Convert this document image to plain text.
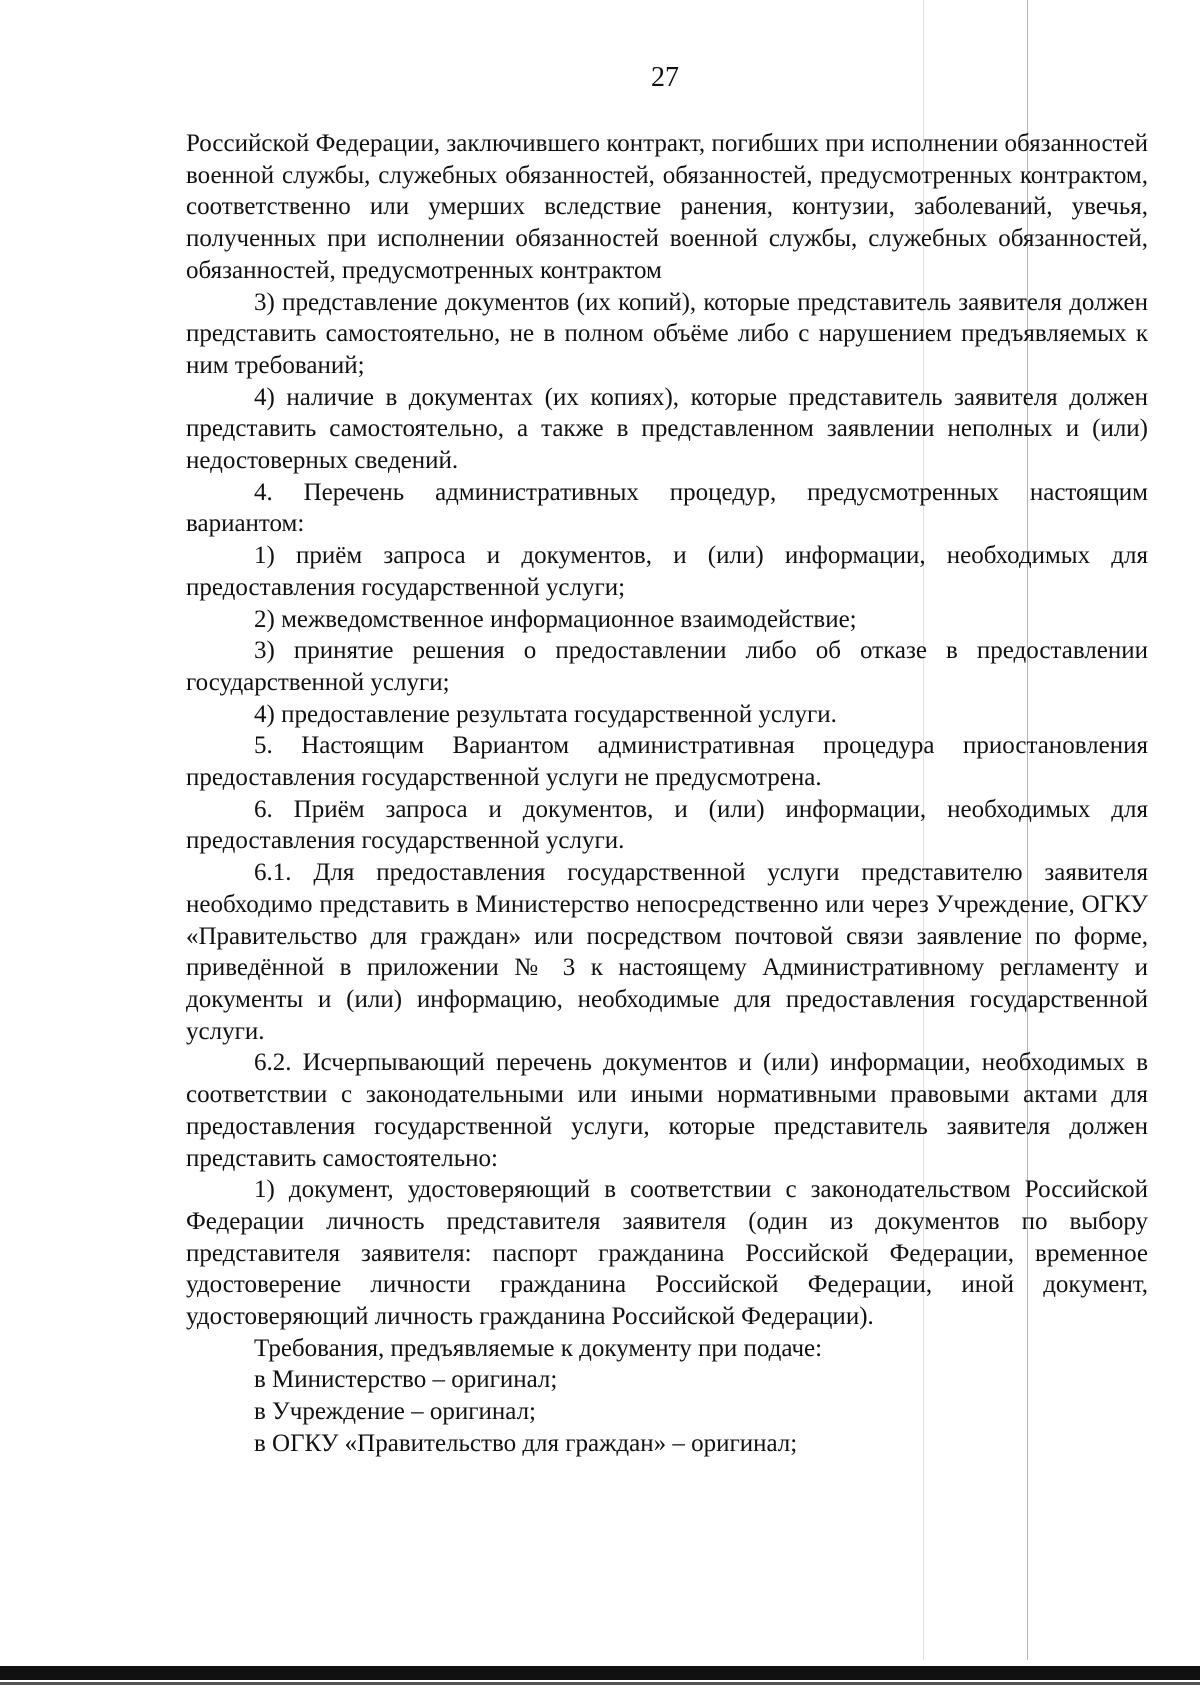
27

Российской Федерации, заключившего контракт, погибших при исполнении обязанностей военной службы, служебных обязанностей, обязанностей, предусмотренных контрактом, соответственно или умерших вследствие ранения, контузии, заболеваний, увечья, полученных при исполнении обязанностей военной службы, служебных обязанностей, обязанностей, предусмотренных контрактом

3) представление документов (их копий), которые представитель заявителя должен представить самостоятельно, не в полном объёме либо с нарушением предъявляемых к ним требований;

4) наличие в документах (их копиях), которые представитель заявителя должен представить самостоятельно, а также в представленном заявлении неполных и (или) недостоверных сведений.

4. Перечень административных процедур, предусмотренных настоящим вариантом:

1) приём запроса и документов, и (или) информации, необходимых для предоставления государственной услуги;

2) межведомственное информационное взаимодействие;

3) принятие решения о предоставлении либо об отказе в предоставлении государственной услуги;

4) предоставление результата государственной услуги.

5. Настоящим Вариантом административная процедура приостановления предоставления государственной услуги не предусмотрена.

6. Приём запроса и документов, и (или) информации, необходимых для предоставления государственной услуги.

6.1. Для предоставления государственной услуги представителю заявителя необходимо представить в Министерство непосредственно или через Учреждение, ОГКУ «Правительство для граждан» или посредством почтовой связи заявление по форме, приведённой в приложении № 3 к настоящему Административному регламенту и документы и (или) информацию, необходимые для предоставления государственной услуги.

6.2. Исчерпывающий перечень документов и (или) информации, необходимых в соответствии с законодательными или иными нормативными правовыми актами для предоставления государственной услуги, которые представитель заявителя должен представить самостоятельно:

1) документ, удостоверяющий в соответствии с законодательством Российской Федерации личность представителя заявителя (один из документов по выбору представителя заявителя: паспорт гражданина Российской Федерации, временное удостоверение личности гражданина Российской Федерации, иной документ, удостоверяющий личность гражданина Российской Федерации).

Требования, предъявляемые к документу при подаче:

в Министерство – оригинал;

в Учреждение – оригинал;

в ОГКУ «Правительство для граждан» – оригинал;
